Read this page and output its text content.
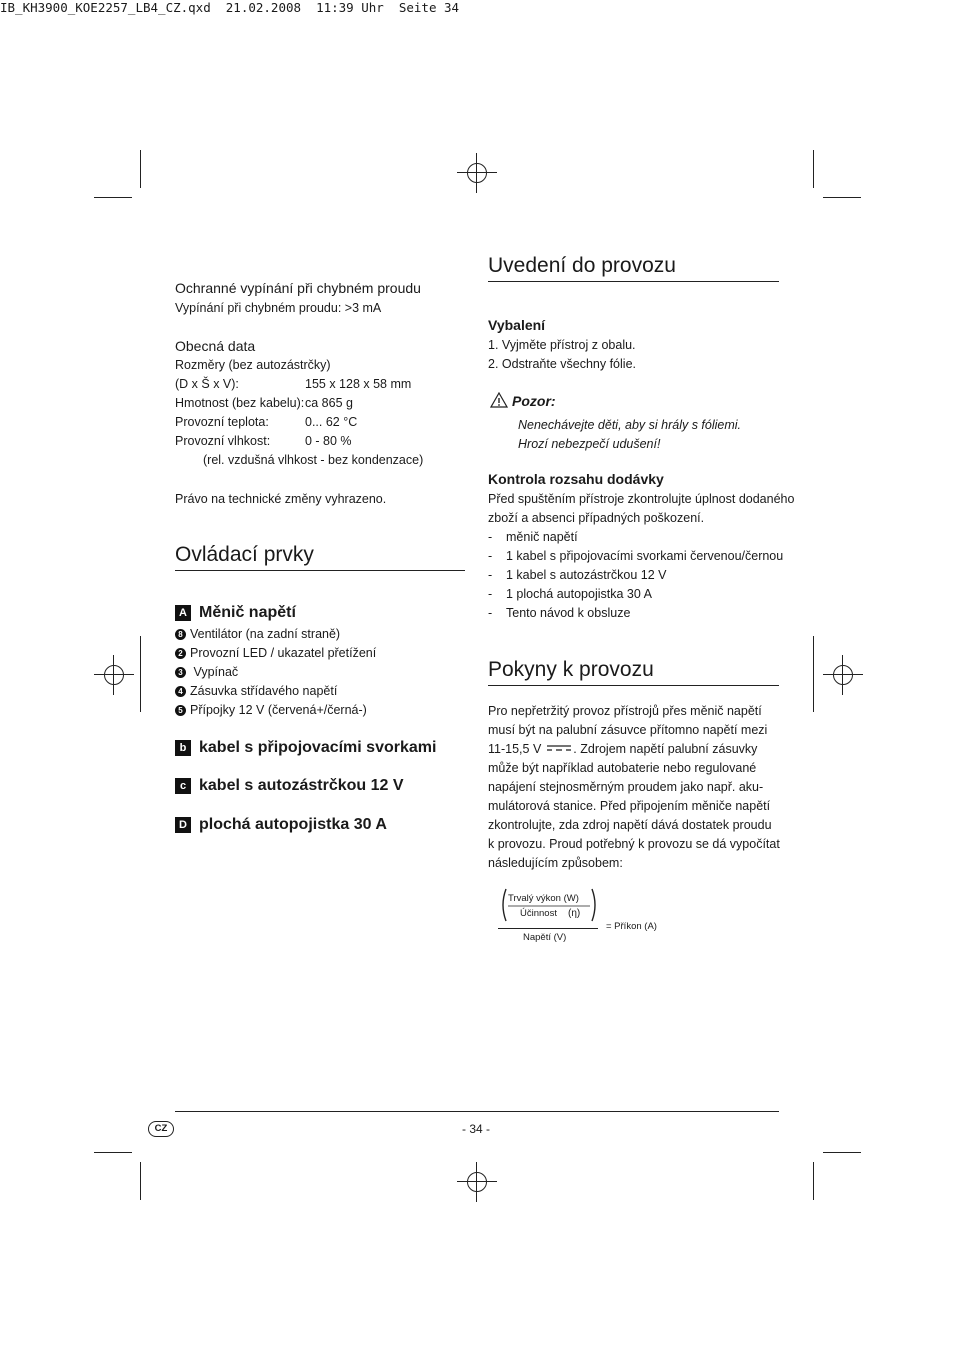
IB_KH3900_KOE2257_LB4_CZ.qxd  21.02.2008  11:39 Uhr  Seite 34
Ochranné vypínání při chybném proudu
Vypínání při chybném proudu: >3 mA
Obecná data
Rozměry (bez autozástrčky)
(D x Š x V):	155 x 128 x 58 mm
Hmotnost (bez kabelu): ca 865 g
Provozní teplota:	0... 62 °C
Provozní vlhkost:	0 - 80 %
(rel. vzdušná vlhkost - bez kondenzace)
Právo na technické změny vyhrazeno.
Ovládací prvky
A Měnič napětí
8 Ventilátor (na zadní straně)
2 Provozní LED / ukazatel přetížení
3 Vypínač
4 Zásuvka střídavého napětí
5 Přípojky 12 V (červená+/černá-)
b kabel s připojovacími svorkami
c kabel s autozástrčkou 12 V
D plochá autopojistka 30 A
Uvedení do provozu
Vybalení
1. Vyjměte přístroj z obalu.
2. Odstraňte všechny fólie.
Pozor:
Nenechávejte děti, aby si hrály s fóliemi.
Hrozí nebezpečí udušení!
Kontrola rozsahu dodávky
Před spuštěním přístroje zkontrolujte úplnost dodaného
zboží a absenci případných poškození.
- měnič napětí
- 1 kabel s připojovacími svorkami červenou/černou
- 1 kabel s autozástrčkou 12 V
- 1 plochá autopojistka 30 A
- Tento návod k obsluze
Pokyny k provozu
Pro nepřetržitý provoz přístrojů přes měnič napětí
musí být na palubní zásuvce přítomno napětí mezi
11-15,5 V	. Zdrojem napětí palubní zásuvky
může být například autobaterie nebo regulované
napájení stejnosměrným proudem jako např. aku-
mulátorová stanice. Před připojením měniče napětí
zkontrolujte, zda zdroj napětí dává dostatek proudu
k provozu. Proud potřebný k provozu se dá vypočítat
následujícím způsobem:
Trvalý výkon (W)
Účinnost (η)
Napětí (V)
= Příkon (A)
CZ	- 34 -
